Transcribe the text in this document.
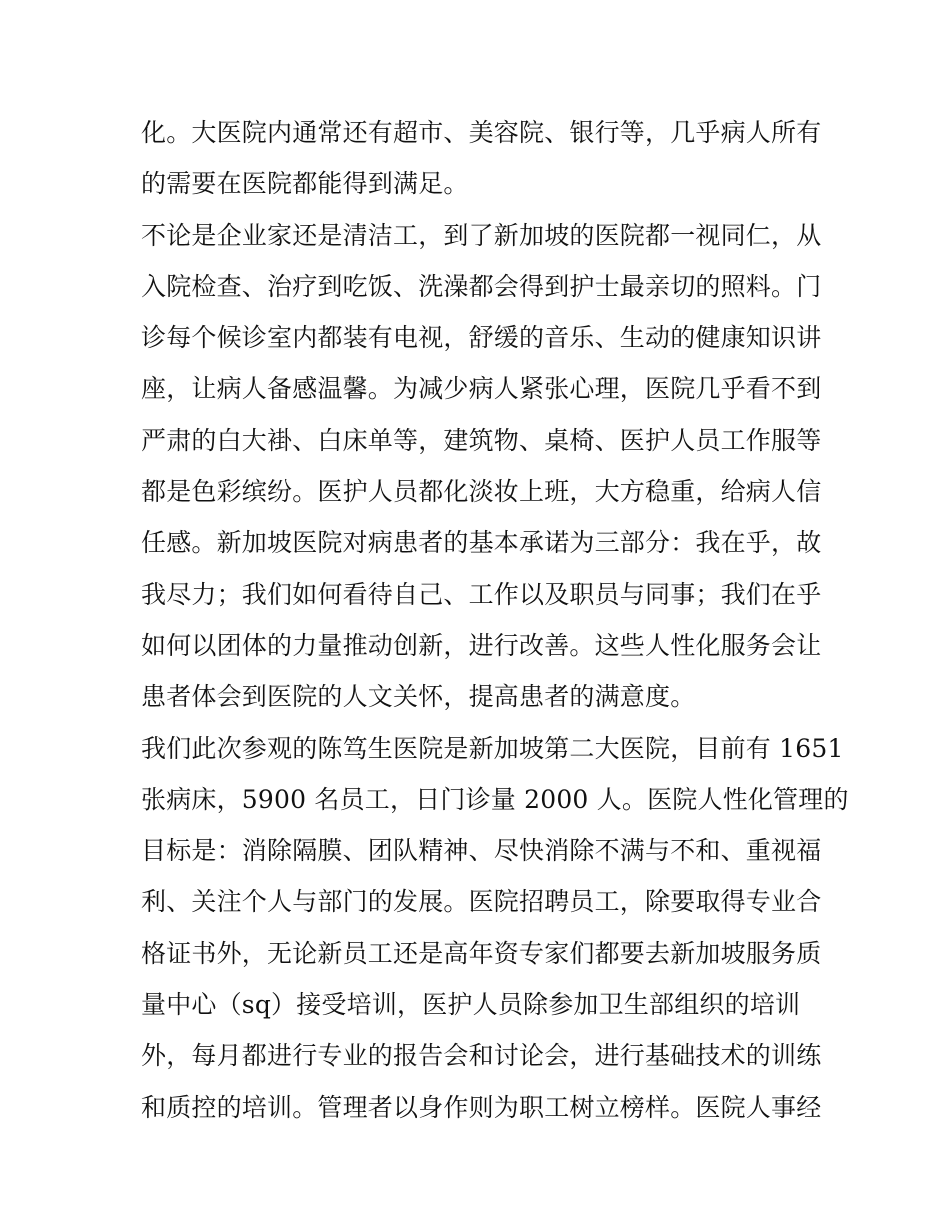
化。大医院内通常还有超市、美容院、银行等，几乎病人所有
的需要在医院都能得到满足。
不论是企业家还是清洁工，到了新加坡的医院都一视同仁，从
入院检查、治疗到吃饭、洗澡都会得到护士最亲切的照料。门
诊每个候诊室内都装有电视，舒缓的音乐、生动的健康知识讲
座，让病人备感温馨。为减少病人紧张心理，医院几乎看不到
严肃的白大褂、白床单等，建筑物、桌椅、医护人员工作服等
都是色彩缤纷。医护人员都化淡妆上班，大方稳重，给病人信
任感。新加坡医院对病患者的基本承诺为三部分：我在乎，故
我尽力；我们如何看待自己、工作以及职员与同事；我们在乎
如何以团体的力量推动创新，进行改善。这些人性化服务会让
患者体会到医院的人文关怀，提高患者的满意度。
我们此次参观的陈笃生医院是新加坡第二大医院，目前有 1651
张病床，5900 名员工，日门诊量 2000 人。医院人性化管理的
目标是：消除隔膜、团队精神、尽快消除不满与不和、重视福
利、关注个人与部门的发展。医院招聘员工，除要取得专业合
格证书外，无论新员工还是高年资专家们都要去新加坡服务质
量中心（sq）接受培训，医护人员除参加卫生部组织的培训
外，每月都进行专业的报告会和讨论会，进行基础技术的训练
和质控的培训。管理者以身作则为职工树立榜样。医院人事经
